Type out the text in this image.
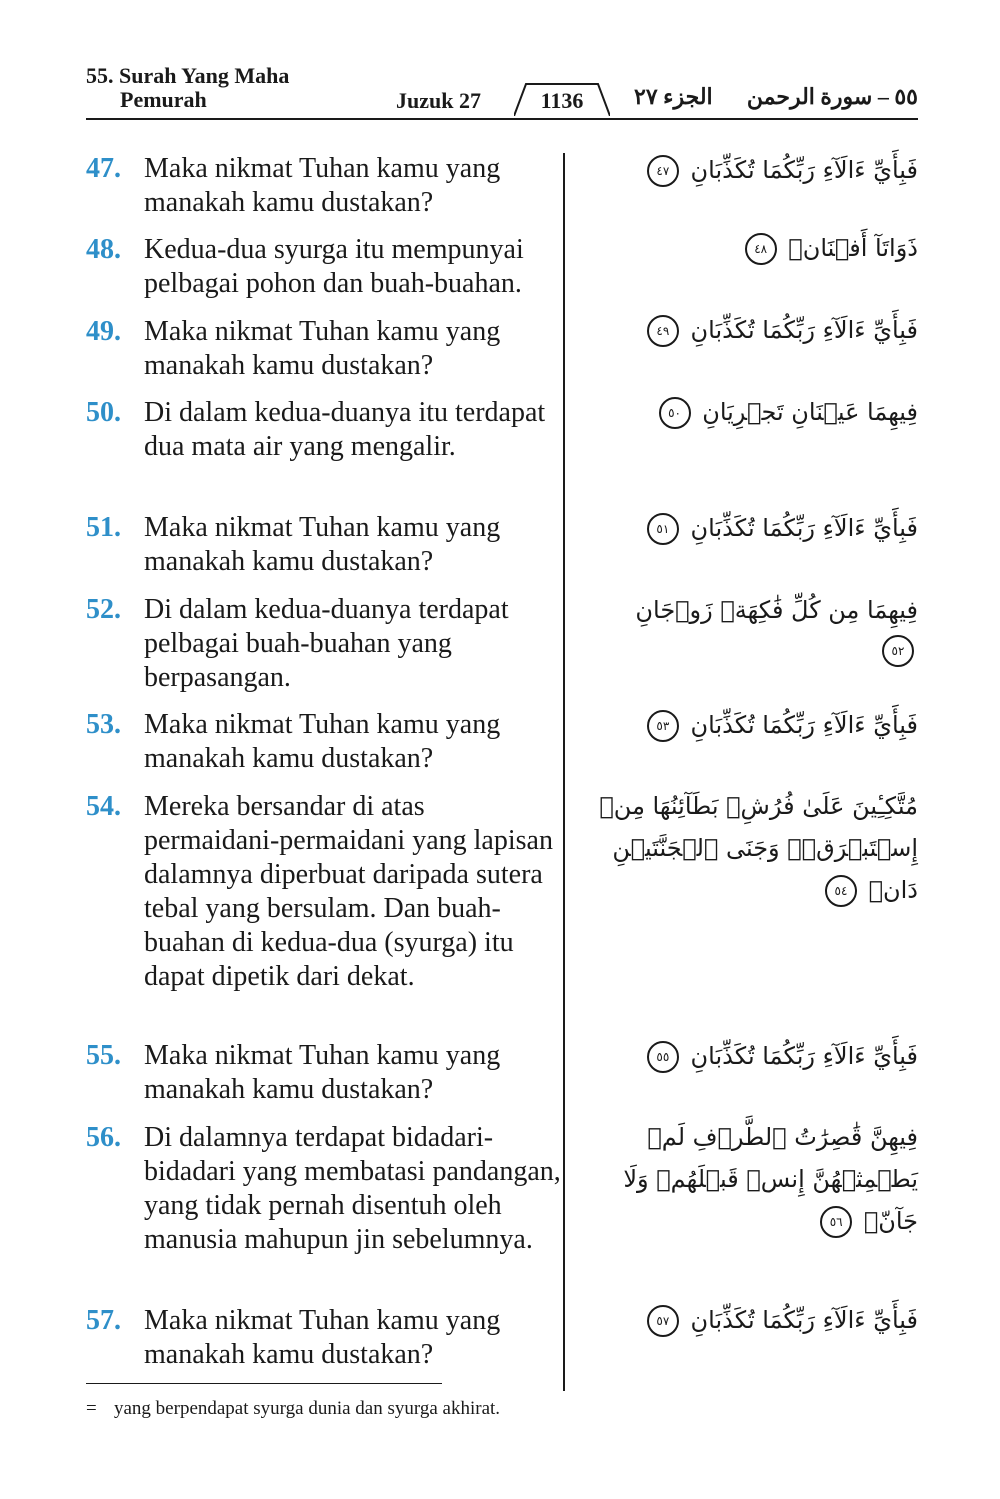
55. Surah Yang Maha
Pemurah	Juzuk 27	1136	الجزء ٢٧ ٥٥ – سورة الرحمن
47. Maka nikmat Tuhan kamu yang manakah kamu dustakan?
فَبِأَيِّ ءَالَآءِ رَبِّكُمَا تُكَذِّبَانِ ٤٧
48. Kedua-dua syurga itu mempunyai pelbagai pohon dan buah-buahan.
ذَوَاتَآ أَفۡنَانٖ ٤٨
49. Maka nikmat Tuhan kamu yang manakah kamu dustakan?
فَبِأَيِّ ءَالَآءِ رَبِّكُمَا تُكَذِّبَانِ ٤٩
50. Di dalam kedua-duanya itu terdapat dua mata air yang mengalir.
فِيهِمَا عَيۡنَانِ تَجۡرِيَانِ ٥٠
51. Maka nikmat Tuhan kamu yang manakah kamu dustakan?
فَبِأَيِّ ءَالَآءِ رَبِّكُمَا تُكَذِّبَانِ ٥١
52. Di dalam kedua-duanya terdapat pelbagai buah-buahan yang berpasangan.
فِيهِمَا مِن كُلِّ فَٰكِهَةٖ زَوۡجَانِ ٥٢
53. Maka nikmat Tuhan kamu yang manakah kamu dustakan?
فَبِأَيِّ ءَالَآءِ رَبِّكُمَا تُكَذِّبَانِ ٥٣
54. Mereka bersandar di atas permaidani-permaidani yang lapisan dalamnya diperbuat daripada sutera tebal yang bersulam. Dan buah-buahan di kedua-dua (syurga) itu dapat dipetik dari dekat.
مُتَّكِـِٔينَ عَلَىٰ فُرُشِۭ بَطَآئِنُهَا مِنۡ إِسۡتَبۡرَقٖۚ وَجَنَى ٱلۡجَنَّتَيۡنِ دَانٖ ٥٤
55. Maka nikmat Tuhan kamu yang manakah kamu dustakan?
فَبِأَيِّ ءَالَآءِ رَبِّكُمَا تُكَذِّبَانِ ٥٥
56. Di dalamnya terdapat bidadari-bidadari yang membatasi pandangan, yang tidak pernah disentuh oleh manusia mahupun jin sebelumnya.
فِيهِنَّ قَٰصِرَٰتُ ٱلطَّرۡفِ لَمۡ يَطۡمِثۡهُنَّ إِنسٞ قَبۡلَهُمۡ وَلَا جَآنّٞ ٥٦
57. Maka nikmat Tuhan kamu yang manakah kamu dustakan?
فَبِأَيِّ ءَالَآءِ رَبِّكُمَا تُكَذِّبَانِ ٥٧
= yang berpendapat syurga dunia dan syurga akhirat.
